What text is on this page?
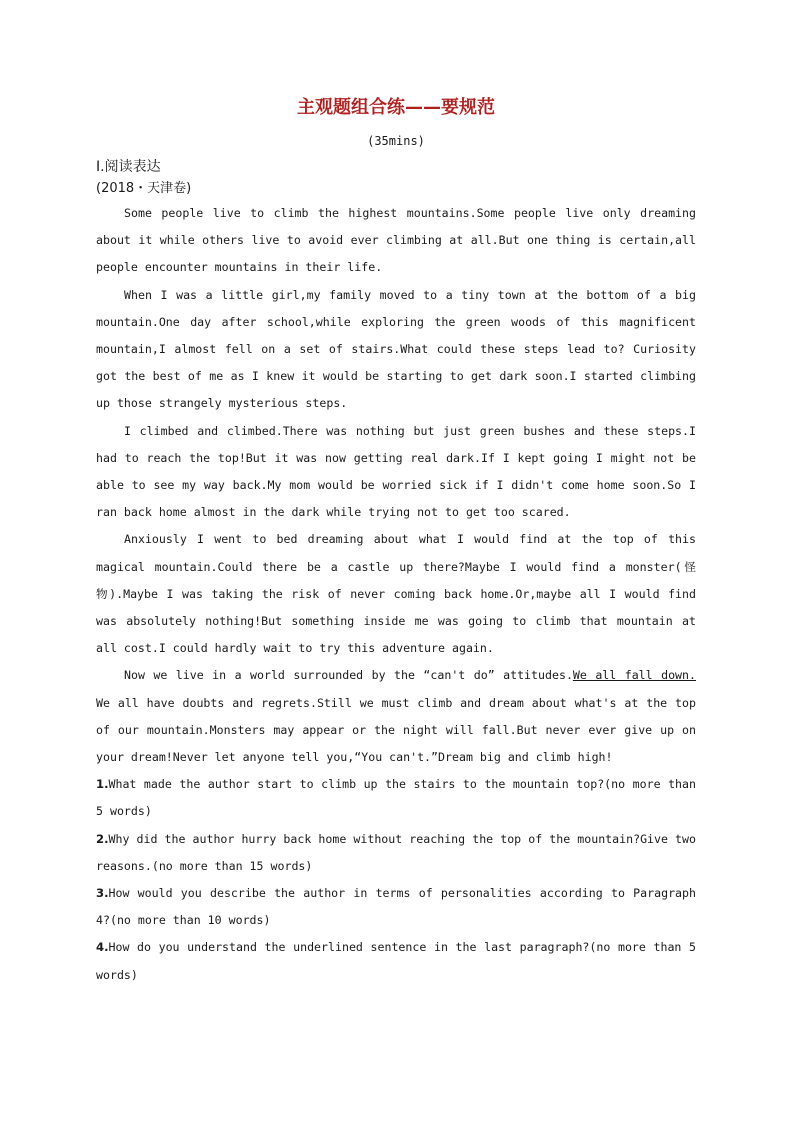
主观题组合练——要规范
(35mins)
Ⅰ.阅读表达
(2018・天津卷)

Some people live to climb the highest mountains.Some people live only dreaming about it while others live to avoid ever climbing at all.But one thing is certain,all people encounter mountains in their life.

When I was a little girl,my family moved to a tiny town at the bottom of a big mountain.One day after school,while exploring the green woods of this magnificent mountain,I almost fell on a set of stairs.What could these steps lead to? Curiosity got the best of me as I knew it would be starting to get dark soon.I started climbing up those strangely mysterious steps.

I climbed and climbed.There was nothing but just green bushes and these steps.I had to reach the top!But it was now getting real dark.If I kept going I might not be able to see my way back.My mom would be worried sick if I didn't come home soon.So I ran back home almost in the dark while trying not to get too scared.

Anxiously I went to bed dreaming about what I would find at the top of this magical mountain.Could there be a castle up there?Maybe I would find a monster(怪物).Maybe I was taking the risk of never coming back home.Or,maybe all I would find was absolutely nothing!But something inside me was going to climb that mountain at all cost.I could hardly wait to try this adventure again.

Now we live in a world surrounded by the “can't do” attitudes.We all fall down. We all have doubts and regrets.Still we must climb and dream about what's at the top of our mountain.Monsters may appear or the night will fall.But never ever give up on your dream!Never let anyone tell you,“You can't.”Dream big and climb high!

1.What made the author start to climb up the stairs to the mountain top?(no more than 5 words)
2.Why did the author hurry back home without reaching the top of the mountain?Give two reasons.(no more than 15 words)
3.How would you describe the author in terms of personalities according to Paragraph 4?(no more than 10 words)
4.How do you understand the underlined sentence in the last paragraph?(no more than 5 words)
